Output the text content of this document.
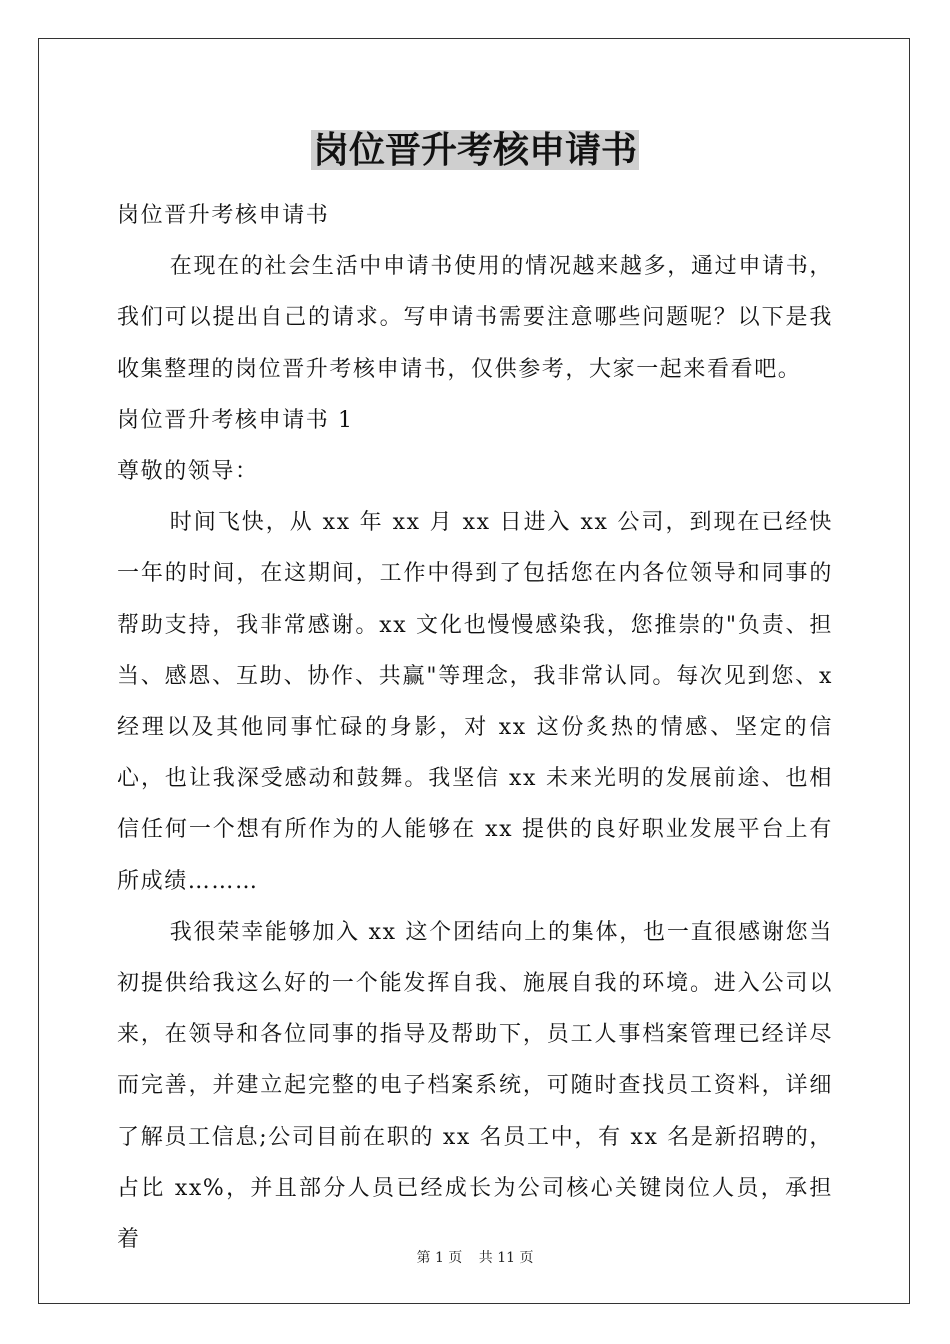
岗位晋升考核申请书

岗位晋升考核申请书

在现在的社会生活中申请书使用的情况越来越多，通过申请书，我们可以提出自己的请求。写申请书需要注意哪些问题呢？以下是我收集整理的岗位晋升考核申请书，仅供参考，大家一起来看看吧。

岗位晋升考核申请书 1

尊敬的领导：

时间飞快，从 xx 年 xx 月 xx 日进入 xx 公司，到现在已经快一年的时间，在这期间，工作中得到了包括您在内各位领导和同事的帮助支持，我非常感谢。xx 文化也慢慢感染我，您推崇的"负责、担当、感恩、互助、协作、共赢"等理念，我非常认同。每次见到您、x 经理以及其他同事忙碌的身影，对 xx 这份炙热的情感、坚定的信心，也让我深受感动和鼓舞。我坚信 xx 未来光明的发展前途、也相信任何一个想有所作为的人能够在 xx 提供的良好职业发展平台上有所成绩………

我很荣幸能够加入 xx 这个团结向上的集体，也一直很感谢您当初提供给我这么好的一个能发挥自我、施展自我的环境。进入公司以来，在领导和各位同事的指导及帮助下，员工人事档案管理已经详尽而完善，并建立起完整的电子档案系统，可随时查找员工资料，详细了解员工信息;公司目前在职的 xx 名员工中，有 xx 名是新招聘的，占比 xx%，并且部分人员已经成长为公司核心关键岗位人员，承担着

第 1 页 共 11 页
